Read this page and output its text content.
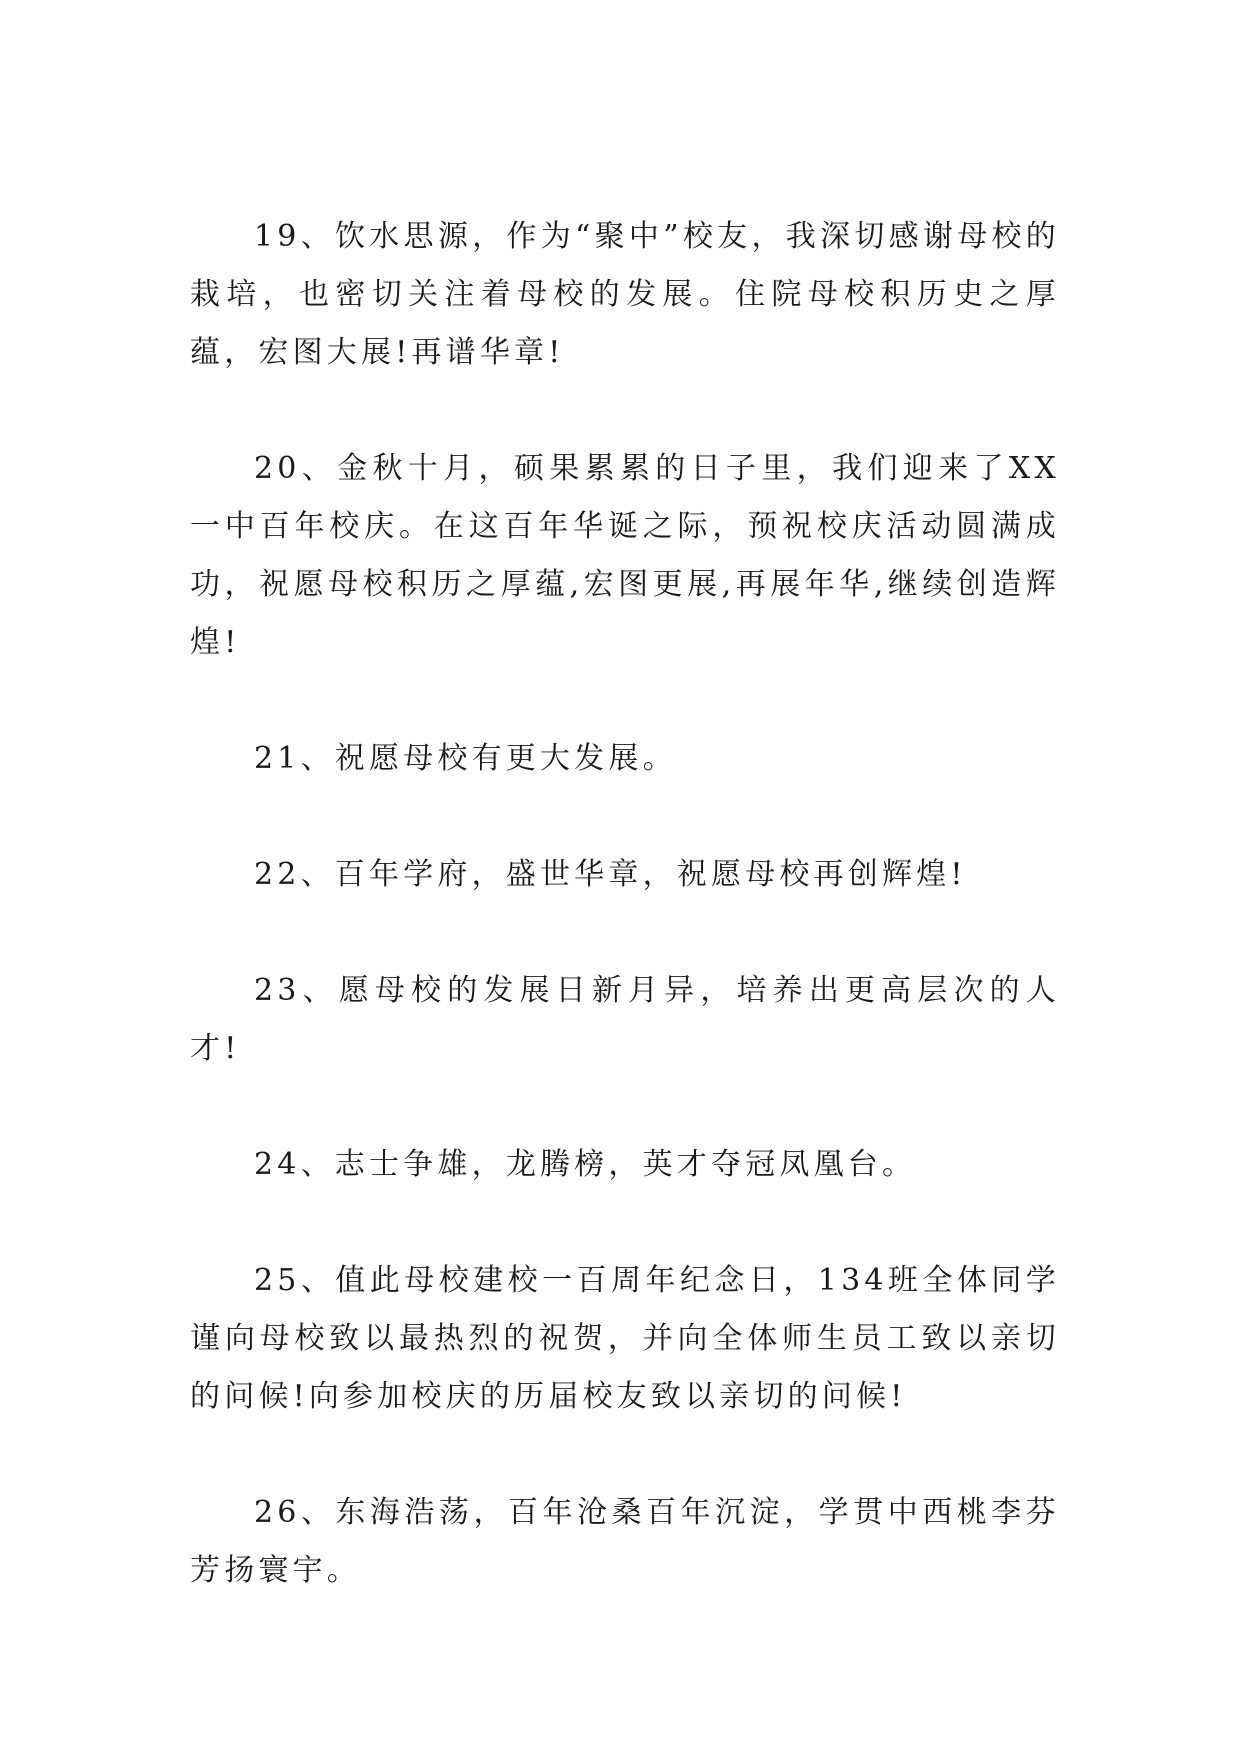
19、饮水思源，作为“聚中”校友，我深切感谢母校的栽培，也密切关注着母校的发展。住院母校积历史之厚蕴，宏图大展!再谱华章!

20、金秋十月，硕果累累的日子里，我们迎来了XX一中百年校庆。在这百年华诞之际，预祝校庆活动圆满成功，祝愿母校积历之厚蕴,宏图更展,再展年华,继续创造辉煌!

21、祝愿母校有更大发展。

22、百年学府，盛世华章，祝愿母校再创辉煌!

23、愿母校的发展日新月异，培养出更高层次的人才!

24、志士争雄，龙腾榜，英才夺冠凤凰台。

25、值此母校建校一百周年纪念日，134班全体同学谨向母校致以最热烈的祝贺，并向全体师生员工致以亲切的问候!向参加校庆的历届校友致以亲切的问候!

26、东海浩荡，百年沧桑百年沉淀，学贯中西桃李芬芳扬寰宇。
